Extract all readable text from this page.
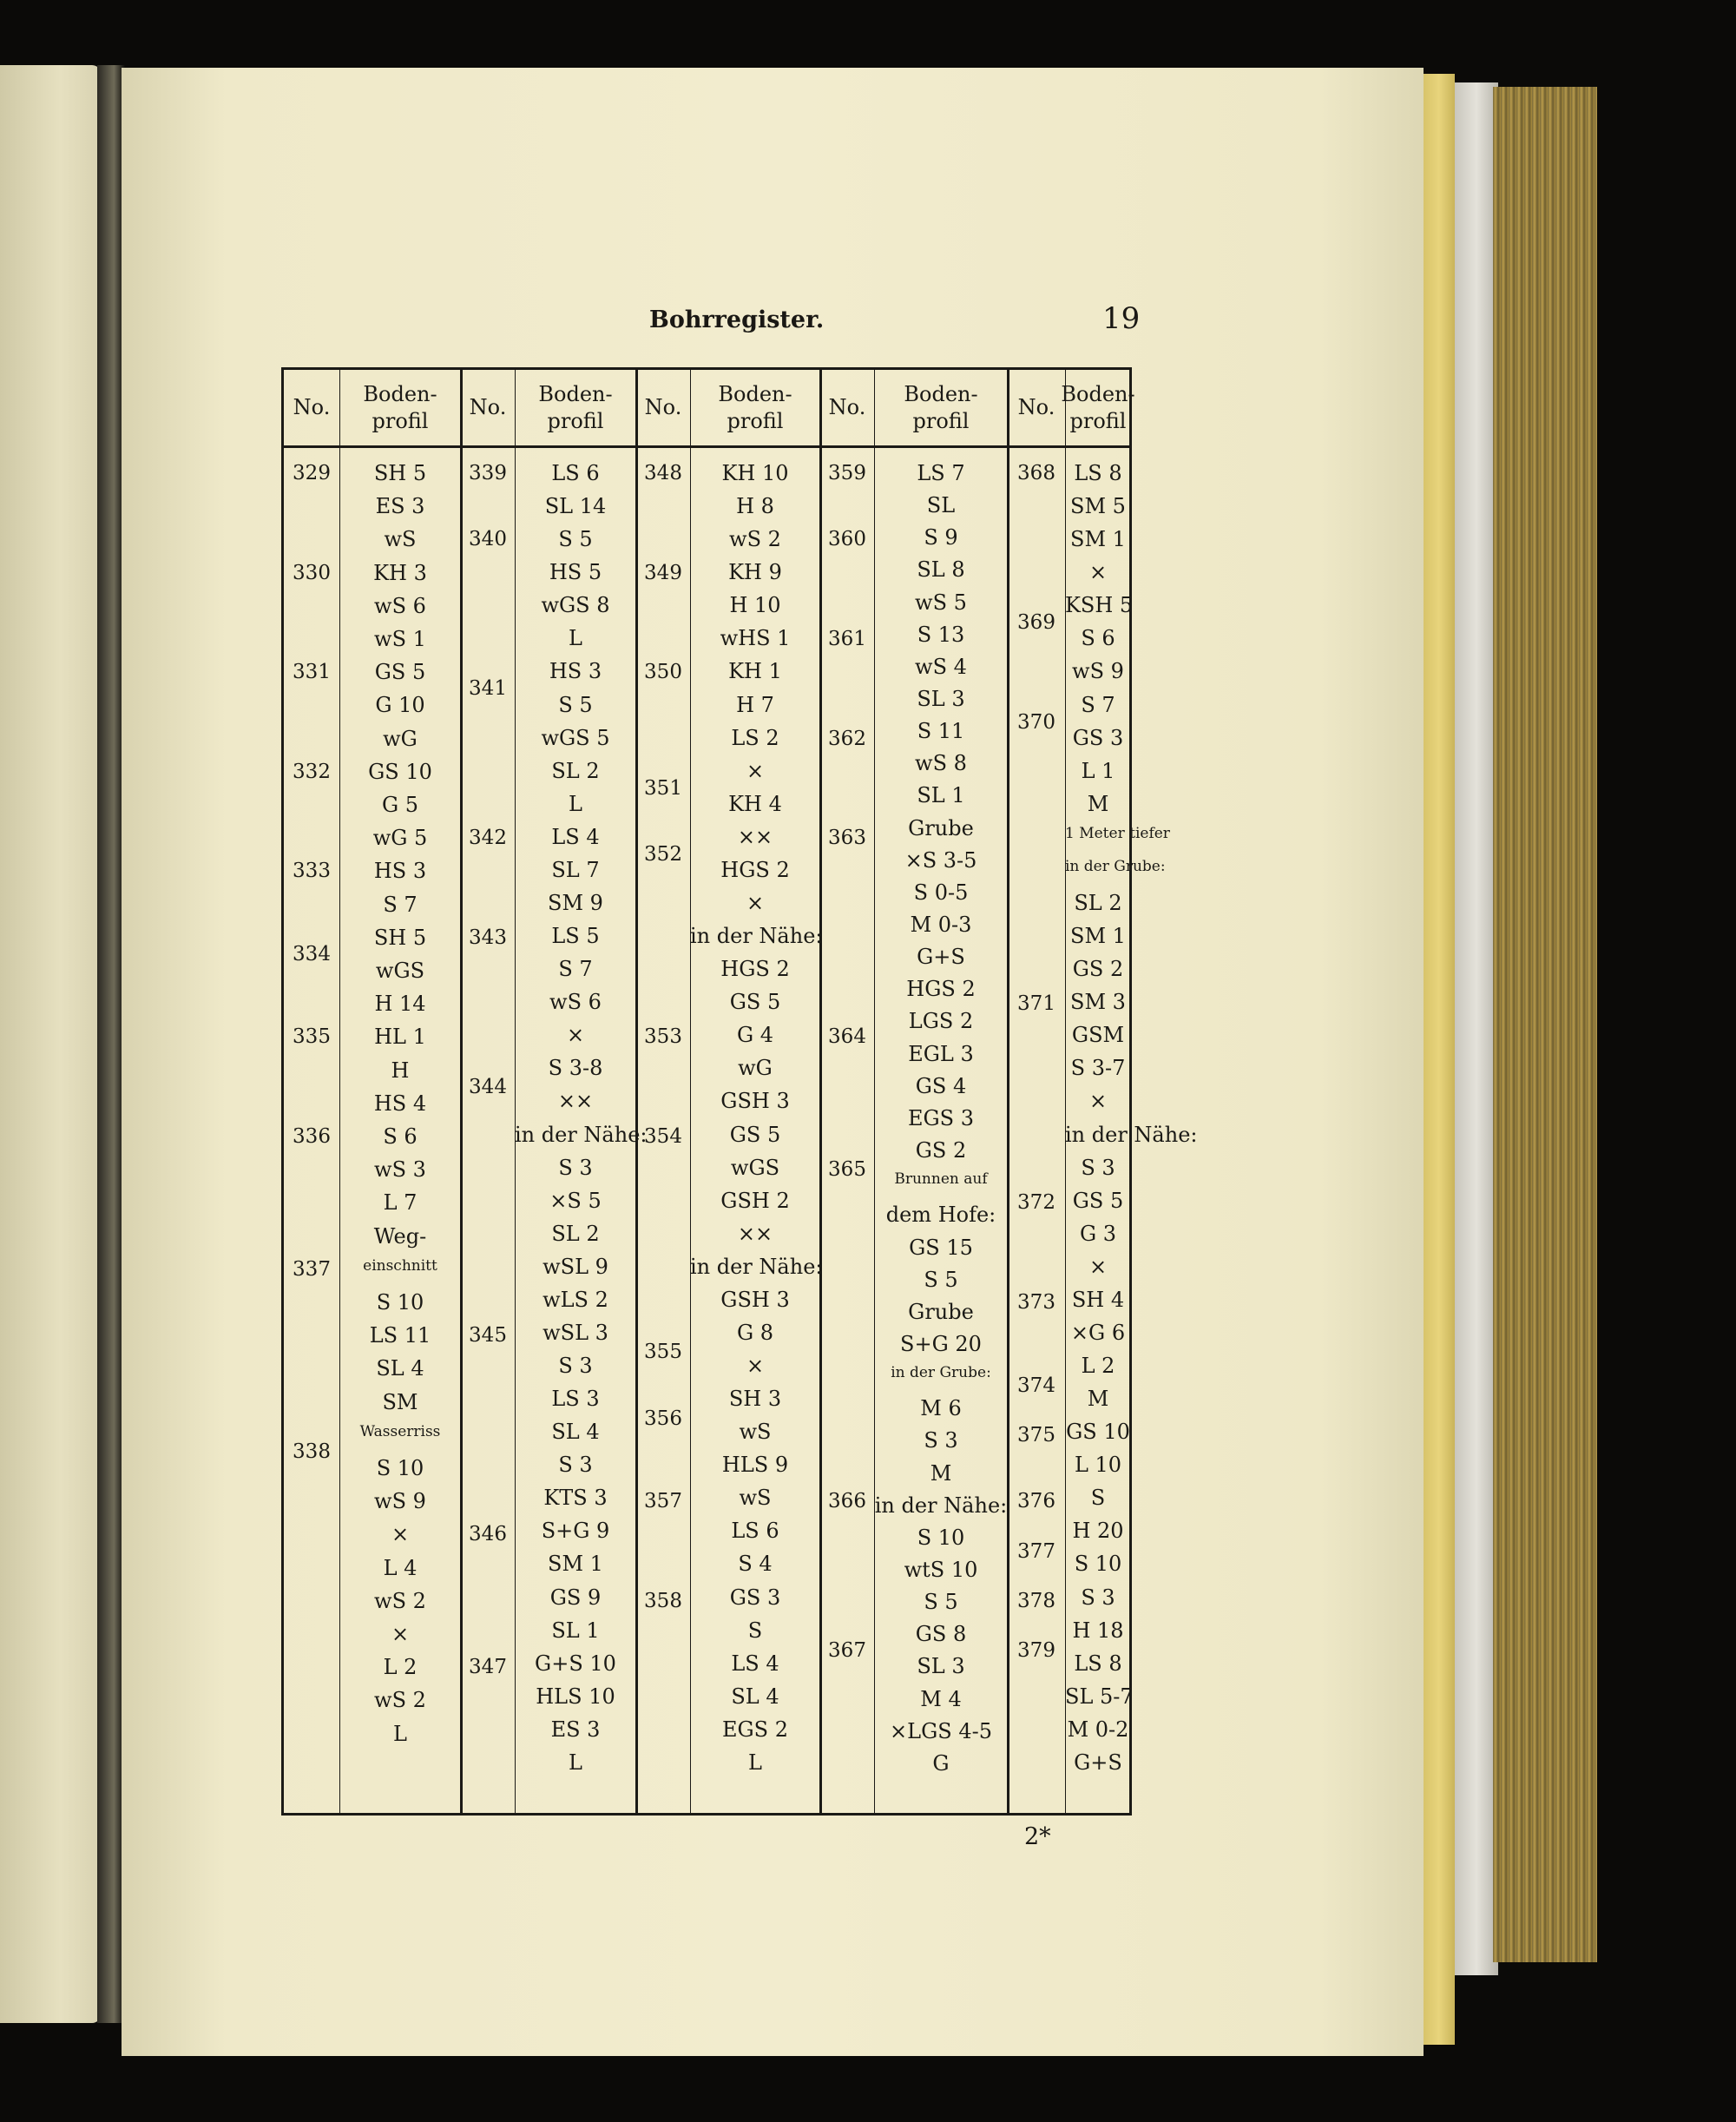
Bohrregister.	19
No.
Boden-
profil
329
330
331
332
333
334
335
336
337
338
SH 5
ES 3
wS
KH 3
wS 6
wS 1
GS 5
G 10
wG
GS 10
G 5
wG 5
HS 3
S 7
SH 5
wGS
H 14
HL 1
H
HS 4
S 6
wS 3
L 7
Weg-
einschnitt
S 10
LS 11
SL 4
SM
Wasserriss
S 10
wS 9
×
L 4
wS 2
×
L 2
wS 2
L
No.
Boden-
profil
339
340
341
342
343
344
345
346
347
LS 6
SL 14
S 5
HS 5
wGS 8
L
HS 3
S 5
wGS 5
SL 2
L
LS 4
SL 7
SM 9
LS 5
S 7
wS 6
×
S 3-8
××
in der Nähe:
S 3
×S 5
SL 2
wSL 9
wLS 2
wSL 3
S 3
LS 3
SL 4
S 3
KTS 3
S+G 9
SM 1
GS 9
SL 1
G+S 10
HLS 10
ES 3
L
No.
Boden-
profil
348
349
350
351
352
353
354
355
356
357
358
KH 10
H 8
wS 2
KH 9
H 10
wHS 1
KH 1
H 7
LS 2
×
KH 4
××
HGS 2
×
in der Nähe:
HGS 2
GS 5
G 4
wG
GSH 3
GS 5
wGS
GSH 2
××
in der Nähe:
GSH 3
G 8
×
SH 3
wS
HLS 9
wS
LS 6
S 4
GS 3
S
LS 4
SL 4
EGS 2
L
No.
Boden-
profil
359
360
361
362
363
364
365
366
367
LS 7
SL
S 9
SL 8
wS 5
S 13
wS 4
SL 3
S 11
wS 8
SL 1
Grube
×S 3-5
S 0-5
M 0-3
G+S
HGS 2
LGS 2
EGL 3
GS 4
EGS 3
GS 2
Brunnen auf
dem Hofe:
GS 15
S 5
Grube
S+G 20
in der Grube:
M 6
S 3
M
in der Nähe:
S 10
wtS 10
S 5
GS 8
SL 3
M 4
×LGS 4-5
G
No.
Boden-
profil
368
369
370
371
372
373
374
375
376
377
378
379
LS 8
SM 5
SM 1
×
KSH 5
S 6
wS 9
S 7
GS 3
L 1
M
1 Meter tiefer
in der Grube:
SL 2
SM 1
GS 2
SM 3
GSM
S 3-7
×
in der Nähe:
S 3
GS 5
G 3
×
SH 4
×G 6
L 2
M
GS 10
L 10
S
H 20
S 10
S 3
H 18
LS 8
SL 5-7
M 0-2
G+S
2*
